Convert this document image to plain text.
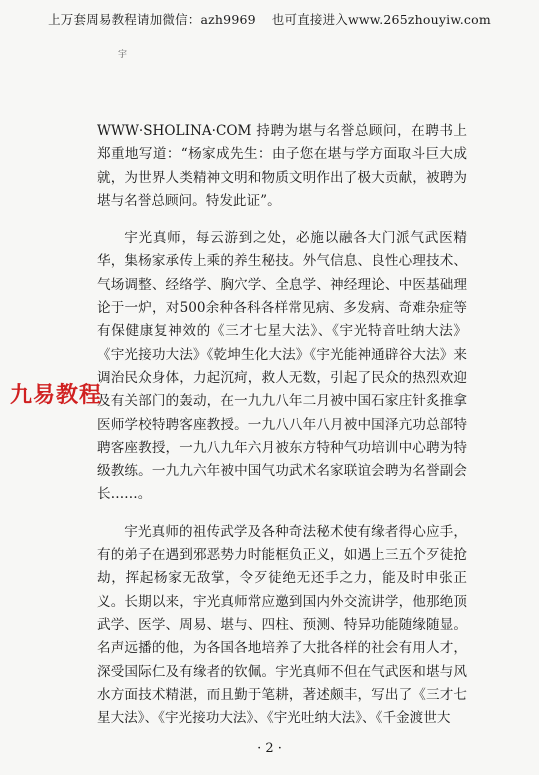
上万套周易教程请加微信：azh9969 也可直接进入www.265zhouyiw.com
宇

WWW·SHOLINA·COM 持聘为堪与名誉总顾问，在聘书上郑重地写道：“杨家成先生：由子您在堪与学方面取斗巨大成就，为世界人类精神文明和物质文明作出了极大贡献，被聘为堪与名誉总顾问。特发此证”。

宇光真师，每云游到之处，必施以融各大门派气武医精华，集杨家承传上乘的养生秘技。外气信息、良性心理技术、气场调整、经络学、胸穴学、全息学、神经理论、中医基础理论于一炉，对500余种各科各样常见病、多发病、奇难杂症等有保健康复神效的《三才七星大法》、《宇光特音吐纳大法》《宇光接功大法》《乾坤生化大法》《宇光能神通辟谷大法》来调治民众身体，力起沉疴，救人无数，引起了民众的热烈欢迎及有关部门的轰动，在一九九八年二月被中国石家庄针炙推拿医师学校特聘客座教授。一九八八年八月被中国泽亢功总部特聘客座教授，一九八九年六月被东方特种气功培训中心聘为特级教练。一九九六年被中国气功武术名家联谊会聘为名誉副会长……。

宇光真师的祖传武学及各种奇法秘术使有缘者得心应手，有的弟子在遇到邪恶势力时能框负正义，如遇上三五个歹徒抢劫，挥起杨家无敌掌，令歹徒绝无还手之力，能及时申张正义。长期以来，宇光真师常应邀到国内外交流讲学，他那绝顶武学、医学、周易、堪与、四柱、预测、特异功能随缘随显。名声远播的他，为各国各地培养了大批各样的社会有用人才，深受国际仁及有缘者的钦佩。宇光真师不但在气武医和堪与风水方面技术精湛，而且勤于笔耕，著述颇丰，写出了《三才七星大法》、《宇光接功大法》、《宇光吐纳大法》、《千金渡世大

九易教程
· 2 ·
